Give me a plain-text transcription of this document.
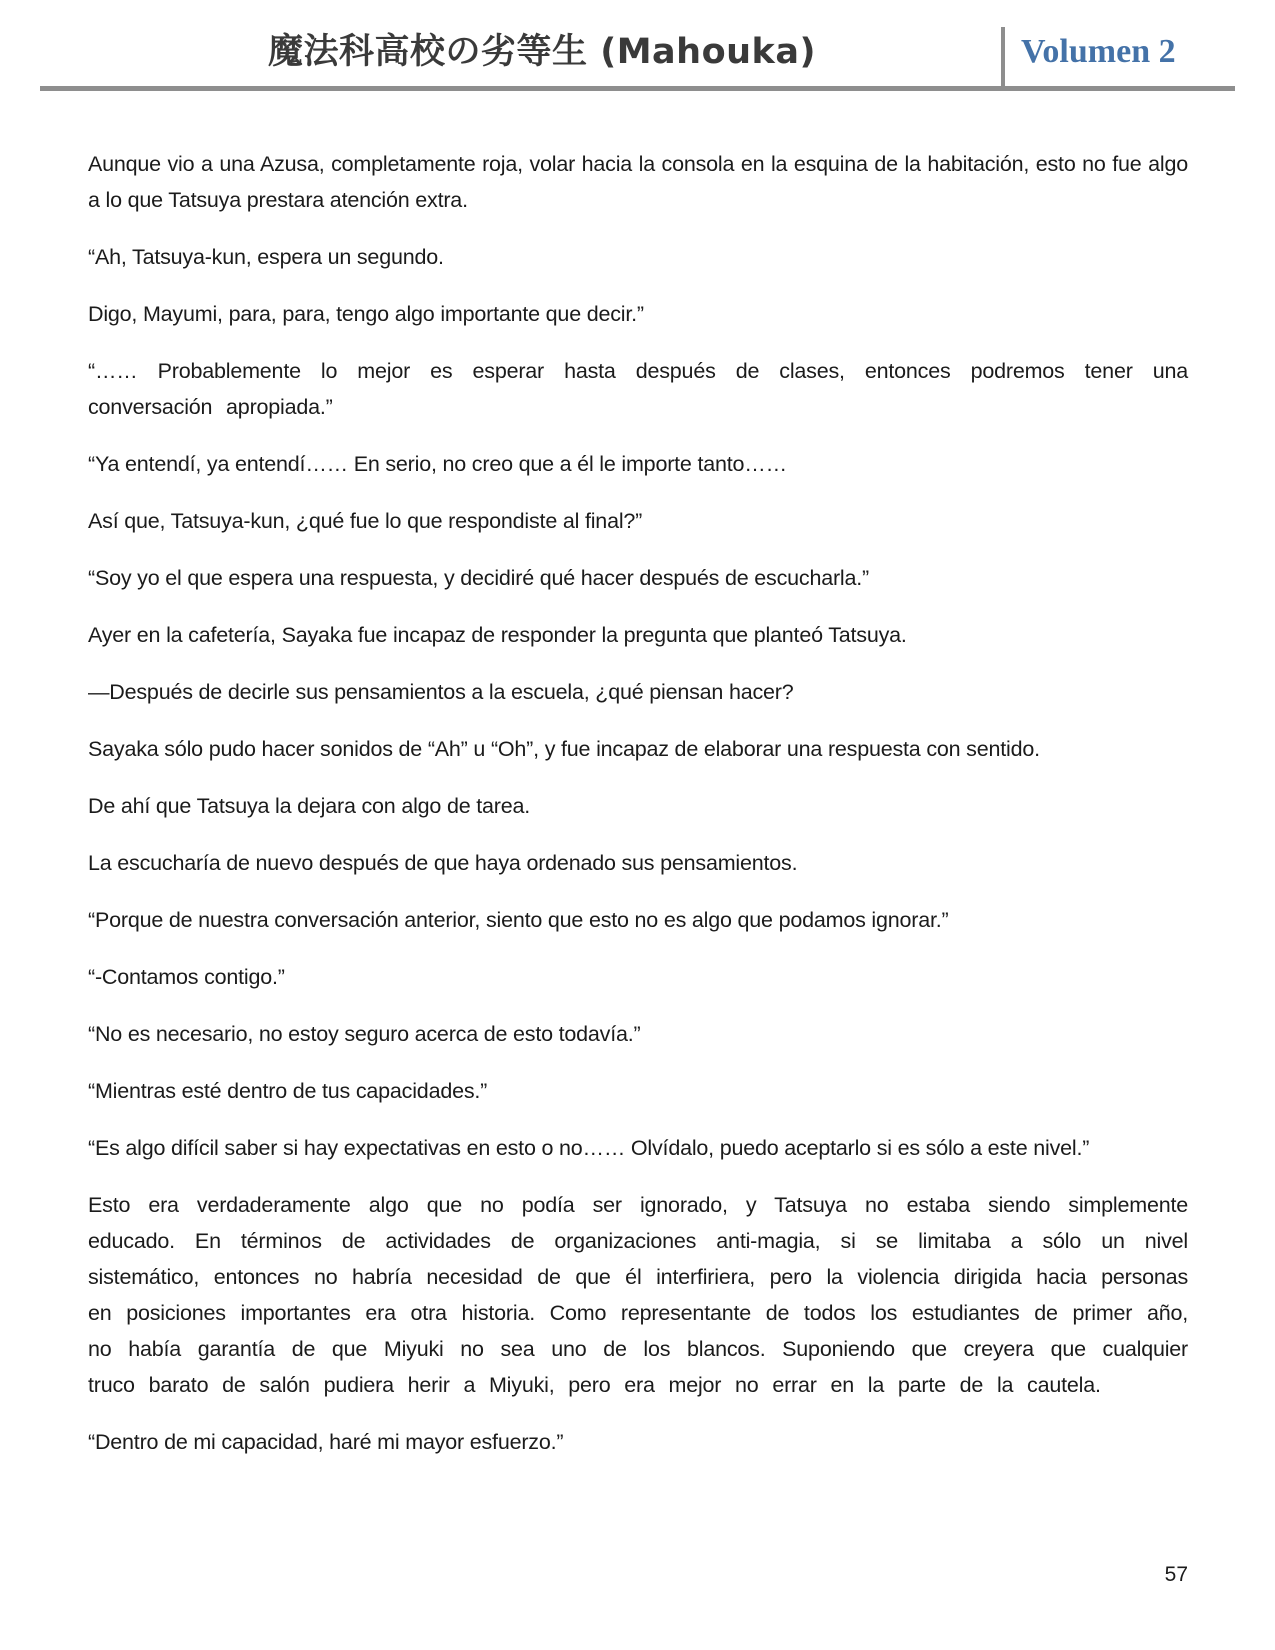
魔法科高校の劣等生 (Mahouka)	Volumen 2

Aunque vio a una Azusa, completamente roja, volar hacia la consola en la esquina de la habitación, esto no fue algo a lo que Tatsuya prestara atención extra.

“Ah, Tatsuya-kun, espera un segundo.

Digo, Mayumi, para, para, tengo algo importante que decir.”

“…… Probablemente lo mejor es esperar hasta después de clases, entonces podremos tener una conversación apropiada.”

“Ya entendí, ya entendí…… En serio, no creo que a él le importe tanto……

Así que, Tatsuya-kun, ¿qué fue lo que respondiste al final?”

“Soy yo el que espera una respuesta, y decidiré qué hacer después de escucharla.”

Ayer en la cafetería, Sayaka fue incapaz de responder la pregunta que planteó Tatsuya.

—Después de decirle sus pensamientos a la escuela, ¿qué piensan hacer?

Sayaka sólo pudo hacer sonidos de “Ah” u “Oh”, y fue incapaz de elaborar una respuesta con sentido.

De ahí que Tatsuya la dejara con algo de tarea.

La escucharía de nuevo después de que haya ordenado sus pensamientos.

“Porque de nuestra conversación anterior, siento que esto no es algo que podamos ignorar.”

“-Contamos contigo.”

“No es necesario, no estoy seguro acerca de esto todavía.”

“Mientras esté dentro de tus capacidades.”

“Es algo difícil saber si hay expectativas en esto o no…… Olvídalo, puedo aceptarlo si es sólo a este nivel.”

Esto era verdaderamente algo que no podía ser ignorado, y Tatsuya no estaba siendo simplemente educado. En términos de actividades de organizaciones anti-magia, si se limitaba a sólo un nivel sistemático, entonces no habría necesidad de que él interfiriera, pero la violencia dirigida hacia personas en posiciones importantes era otra historia. Como representante de todos los estudiantes de primer año, no había garantía de que Miyuki no sea uno de los blancos. Suponiendo que creyera que cualquier truco barato de salón pudiera herir a Miyuki, pero era mejor no errar en la parte de la cautela.

“Dentro de mi capacidad, haré mi mayor esfuerzo.”

57
